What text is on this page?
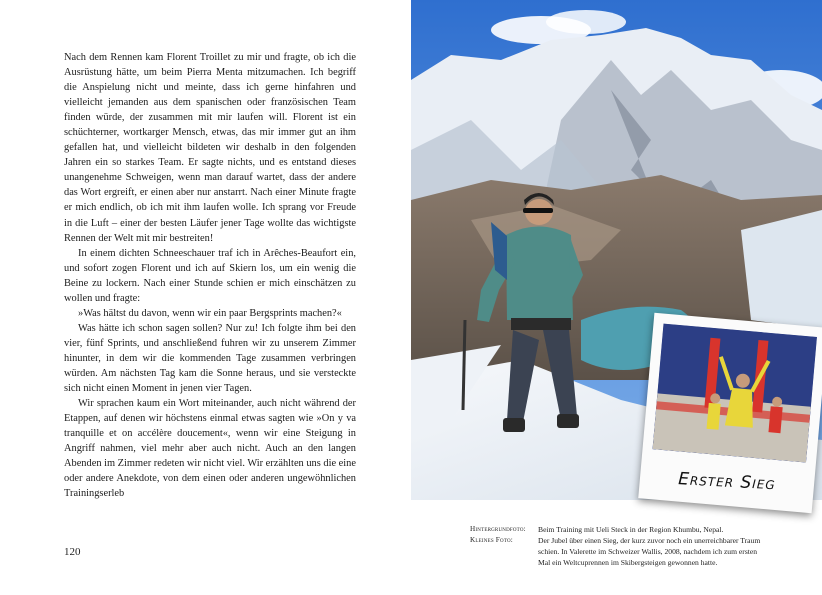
Nach dem Rennen kam Florent Troillet zu mir und fragte, ob ich die Ausrüstung hätte, um beim Pierra Menta mitzumachen. Ich begriff die Anspielung nicht und meinte, dass ich gerne hinfahren und vielleicht jemanden aus dem spanischen oder französischen Team finden würde, der zusammen mit mir laufen will. Florent ist ein schüchterner, wortkarger Mensch, etwas, das mir immer gut an ihm gefallen hat, und vielleicht bildeten wir deshalb in den folgenden Jahren ein so starkes Team. Er sagte nichts, und es entstand dieses unangenehme Schweigen, wenn man darauf wartet, dass der andere das Wort ergreift, er einen aber nur anstarrt. Nach einer Minute fragte er mich endlich, ob ich mit ihm laufen wolle. Ich sprang vor Freude in die Luft – einer der besten Läufer jener Tage wollte das wichtigste Rennen der Welt mit mir bestreiten!

In einem dichten Schneeschauer traf ich in Arêches-Beaufort ein, und sofort zogen Florent und ich auf Skiern los, um ein wenig die Beine zu lockern. Nach einer Stunde schien er mich einschätzen zu wollen und fragte:

»Was hältst du davon, wenn wir ein paar Bergsprints machen?«

Was hätte ich schon sagen sollen? Nur zu! Ich folgte ihm bei den vier, fünf Sprints, und anschließend fuhren wir zu unserem Zimmer hinunter, in dem wir die kommenden Tage zusammen verbringen würden. Am nächsten Tag kam die Sonne heraus, und sie versteckte sich nicht einen Moment in jenen vier Tagen.

Wir sprachen kaum ein Wort miteinander, auch nicht während der Etappen, auf denen wir höchstens einmal etwas sagten wie »On y va tranquille et on accélère doucement«, wenn wir eine Steigung in Angriff nahmen, viel mehr aber auch nicht. Auch an den langen Abenden im Zimmer redeten wir nicht viel. Wir erzählten uns die eine oder andere Anekdote, von dem einen oder anderen ungewöhnlichen Trainingserleb

120
Erster Sieg
Hintergrundfoto:	Beim Training mit Ueli Steck in der Region Khumbu, Nepal.
Kleines Foto:	Der Jubel über einen Sieg, der kurz zuvor noch ein unerreichbarer Traum schien. In Valerette im Schweizer Wallis, 2008, nachdem ich zum ersten Mal ein Weltcuprennen im Skibergsteigen gewonnen hatte.
